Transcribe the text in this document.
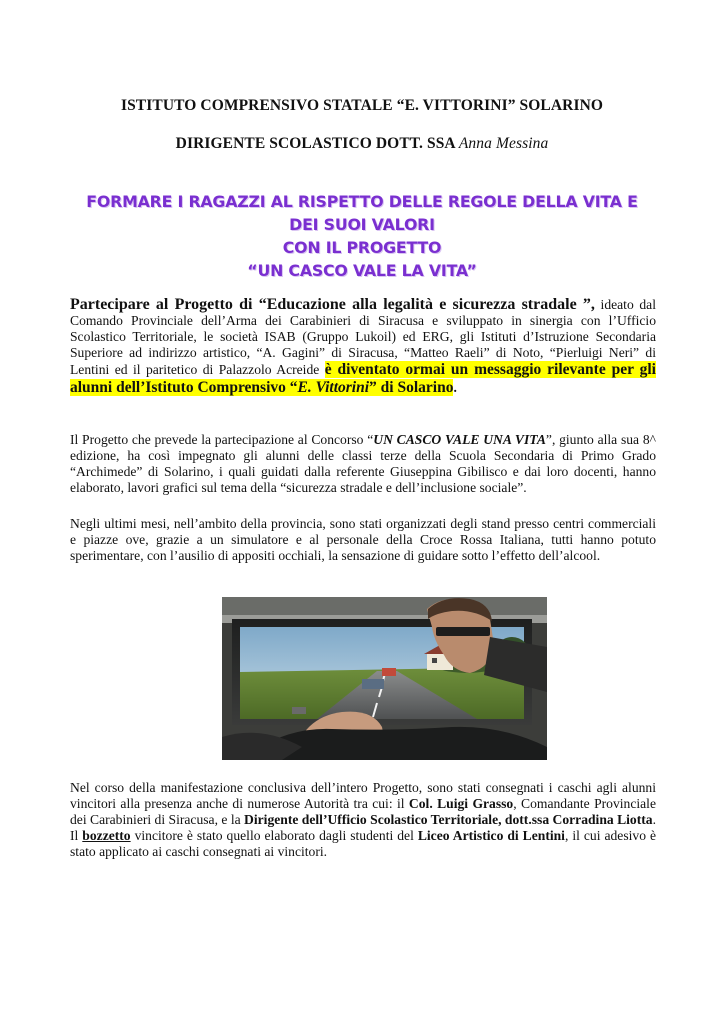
ISTITUTO COMPRENSIVO STATALE “E. VITTORINI” SOLARINO
DIRIGENTE SCOLASTICO DOTT. SSA Anna Messina
FORMARE I RAGAZZI AL RISPETTO DELLE REGOLE DELLA VITA E
DEI SUOI VALORI
CON IL PROGETTO
“UN CASCO VALE LA VITA”
Partecipare al Progetto di “Educazione alla legalità e sicurezza stradale ”, ideato dal Comando Provinciale dell’Arma dei Carabinieri di Siracusa e sviluppato in sinergia con l’Ufficio Scolastico Territoriale, le società ISAB (Gruppo Lukoil) ed ERG, gli Istituti d’Istruzione Secondaria Superiore ad indirizzo artistico, “A. Gagini” di Siracusa, “Matteo Raeli” di Noto, “Pierluigi Neri” di Lentini ed il paritetico di Palazzolo Acreide è diventato ormai un messaggio rilevante per gli alunni dell’Istituto Comprensivo “E. Vittorini” di Solarino.
Il Progetto che prevede la partecipazione al Concorso “UN CASCO VALE UNA VITA”, giunto alla sua 8^ edizione, ha così impegnato gli alunni delle classi terze della Scuola Secondaria di Primo Grado “Archimede” di Solarino, i quali guidati dalla referente Giuseppina Gibilisco e dai loro docenti, hanno elaborato, lavori grafici sul tema della “sicurezza stradale e dell’inclusione sociale”.
Negli ultimi mesi, nell’ambito della provincia, sono stati organizzati degli stand presso centri commerciali e piazze ove, grazie a un simulatore e al personale della Croce Rossa Italiana, tutti hanno potuto sperimentare, con l’ausilio di appositi occhiali, la sensazione di guidare sotto l’effetto dell’alcool.
Nel corso della manifestazione conclusiva dell’intero Progetto, sono stati consegnati i caschi agli alunni vincitori alla presenza anche di numerose Autorità tra cui: il Col. Luigi Grasso, Comandante Provinciale dei Carabinieri di Siracusa, e la Dirigente dell’Ufficio Scolastico Territoriale, dott.ssa Corradina Liotta. Il bozzetto vincitore è stato quello elaborato dagli studenti del Liceo Artistico di Lentini, il cui adesivo è stato applicato ai caschi consegnati ai vincitori.
